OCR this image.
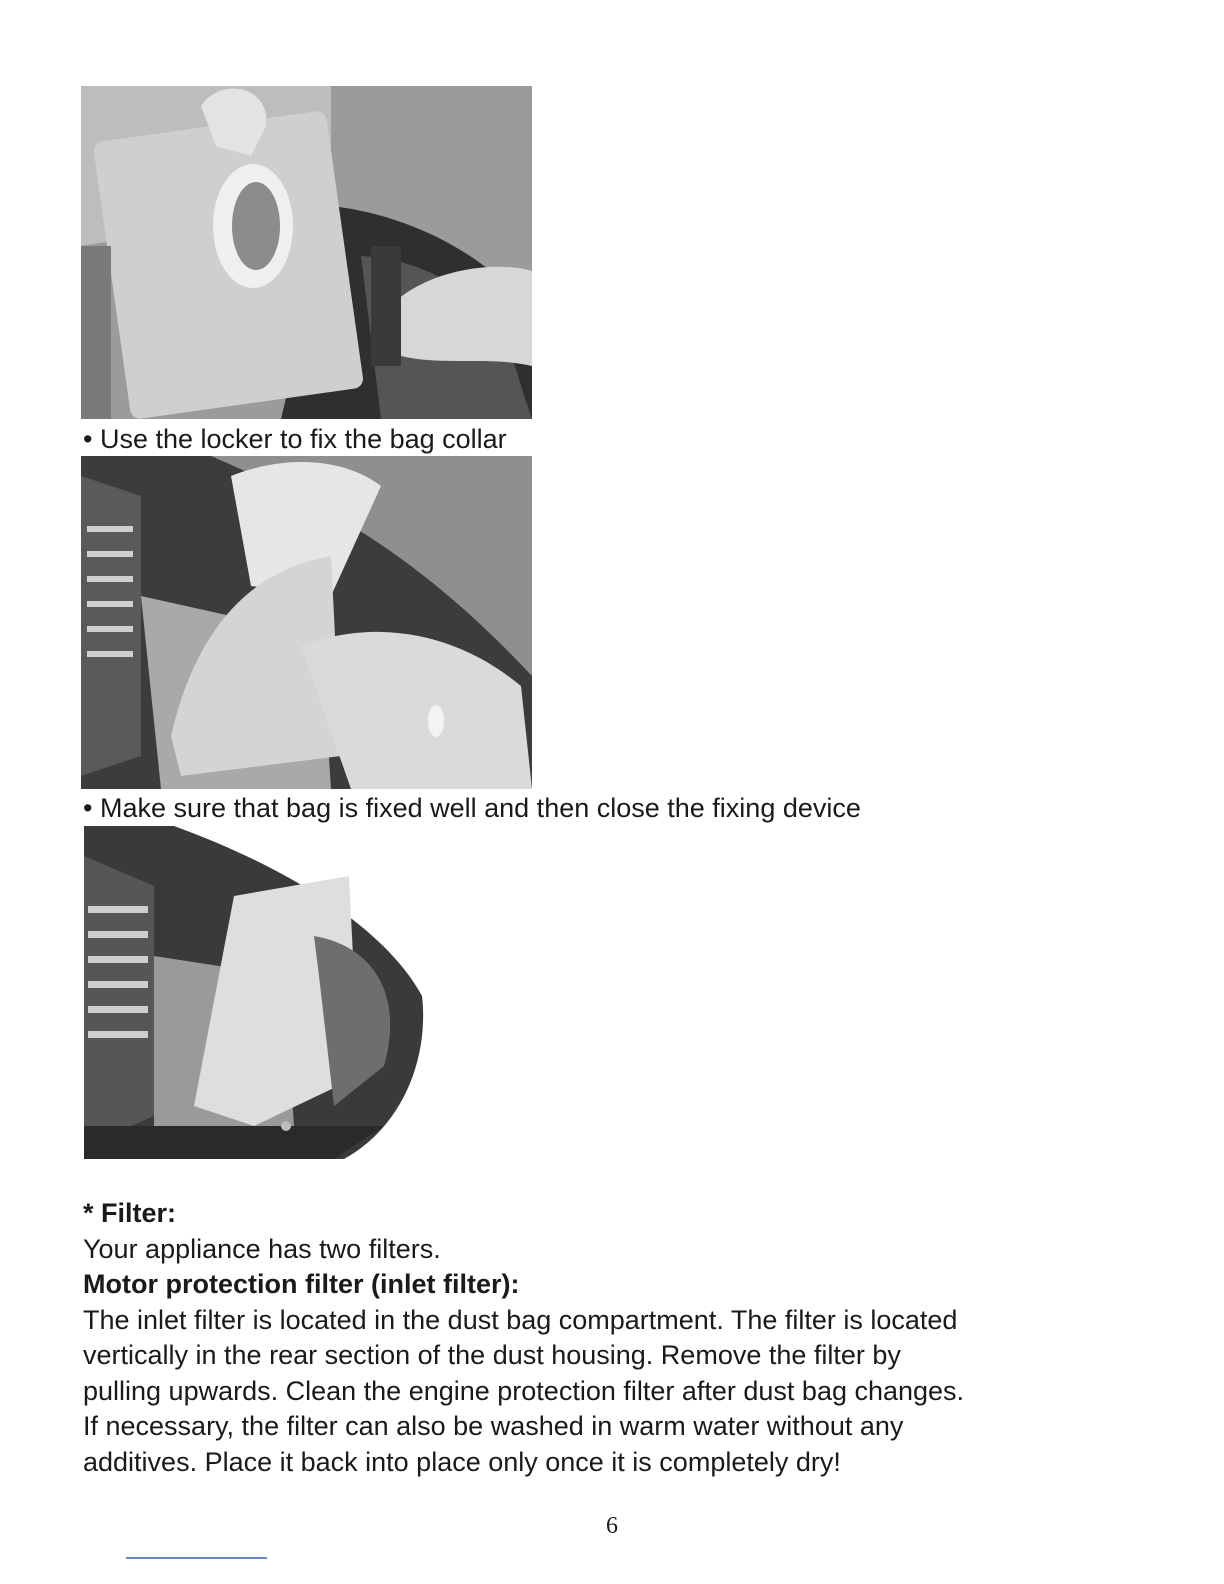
• Use the locker to fix the bag collar
• Make sure that bag is fixed well and then close the fixing device
* Filter:
Your appliance has two filters.
Motor protection filter (inlet filter):
The inlet filter is located in the dust bag compartment. The filter is located
vertically in the rear section of the dust housing. Remove the filter by
pulling upwards. Clean the engine protection filter after dust bag changes.
If necessary, the filter can also be washed in warm water without any
additives. Place it back into place only once it is completely dry!
6
